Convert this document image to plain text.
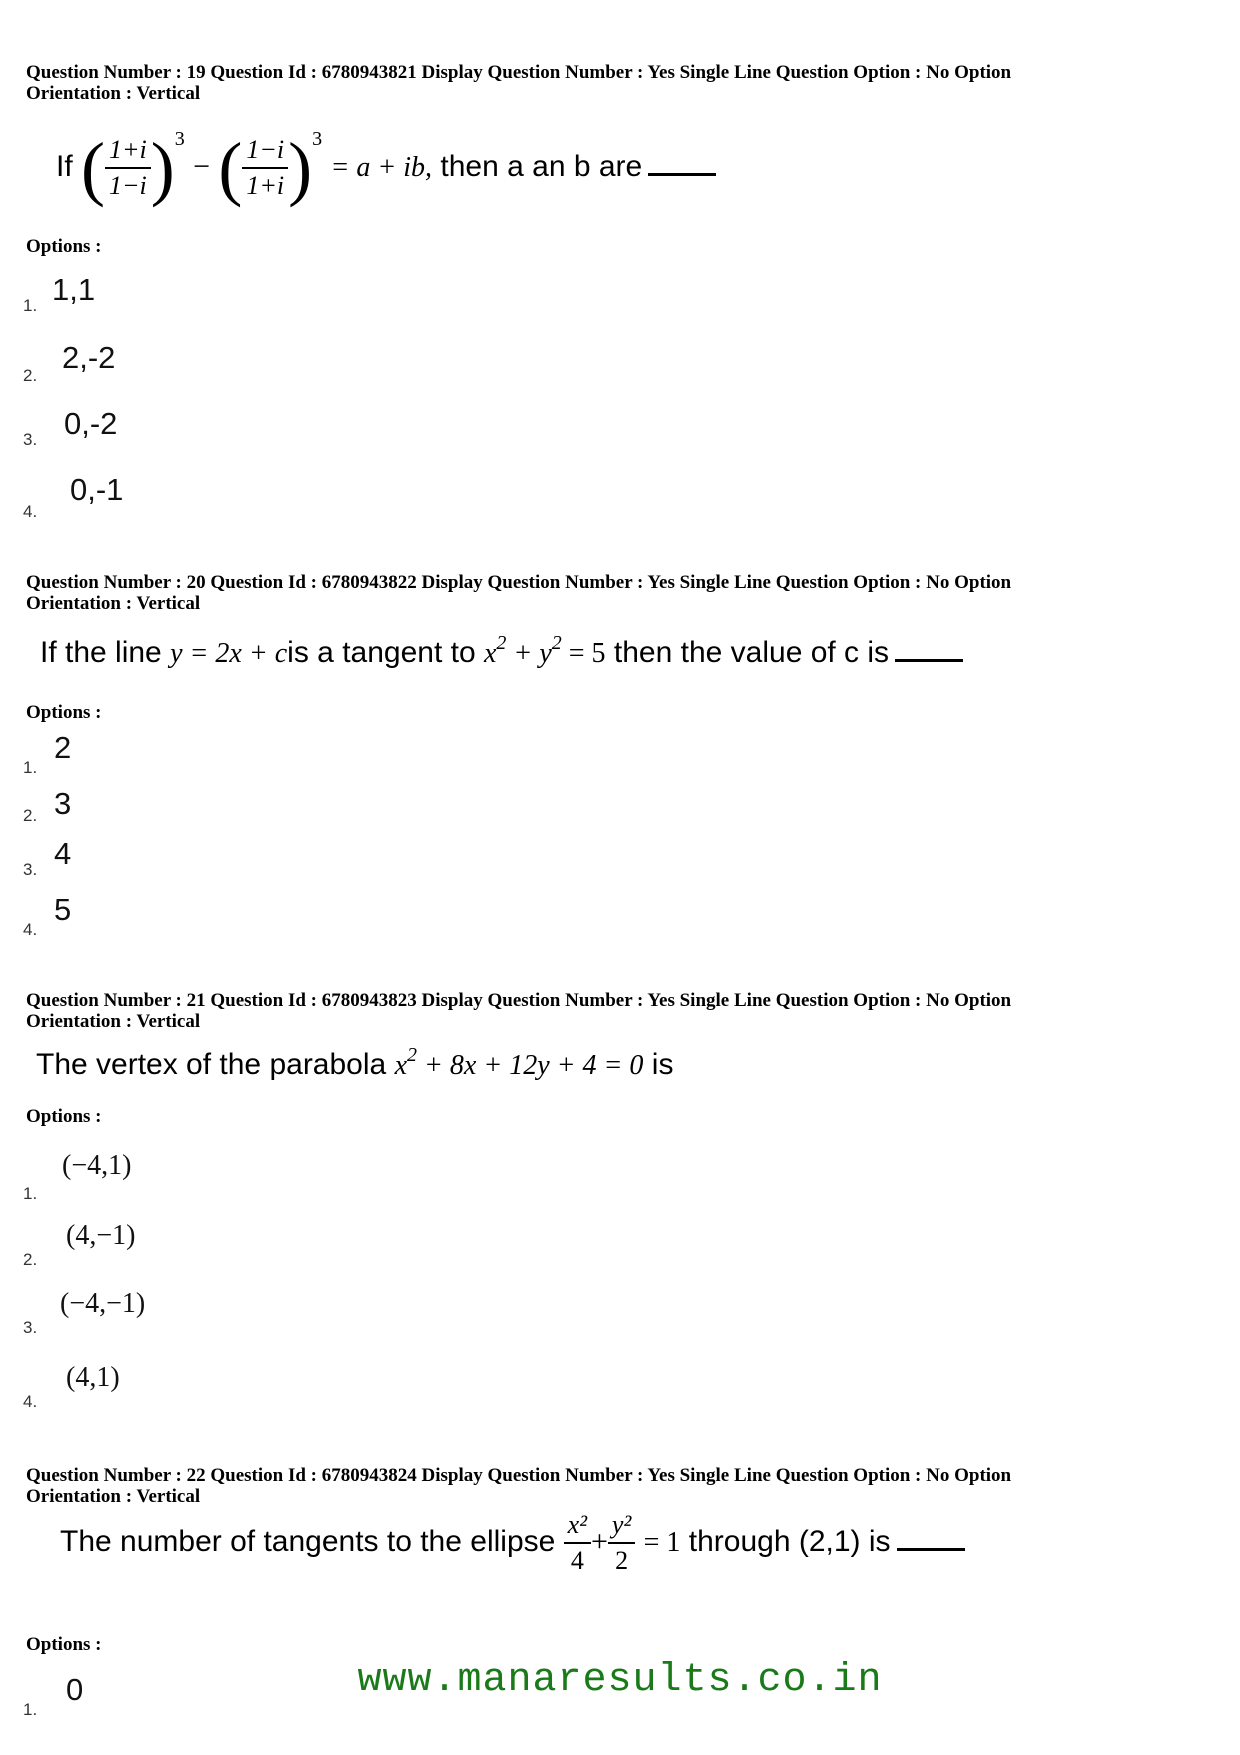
Question Number : 19 Question Id : 6780943821 Display Question Number : Yes Single Line Question Option : No Option
Orientation : Vertical
If ( $\frac{1+i}{1-i} )^3$ − ( $\frac{1-i}{1+i} )^3 = a$ + ib, then a an b are
Options :
1. 1,1
2.
2,-2
3. 0,-2
4.
0,-1
Question Number : 20 Question Id : 6780943822 Display Question Number : Yes Single Line Question Option : No Option
Orientation : Vertical
If the line y = 2x + cis a tangent to $x^2 + y^2 = 5$ then the value of c is
Options :
1.
2
2. 3
3. 4
4.
5
Question Number : 21 Question Id : 6780943823 Display Question Number : Yes Single Line Question Option : No Option
Orientation : Vertical
The vertex of the parabola $x^2 + 8x + 12y + 4 = 0$ is
Options :
1.
(−4,1)
2.
(4,−1)
3.
(−4,−1)
4.
(4,1)
Question Number : 22 Question Id : 6780943824 Display Question Number : Yes Single Line Question Option : No Option
Orientation : Vertical
The number of tangents to the ellipse $\frac{\text{x²}}{4} + \frac{\text{y²}}{2} = 1$ through (2,1) is
Options :
1.
0	www.manaresults.co.in
